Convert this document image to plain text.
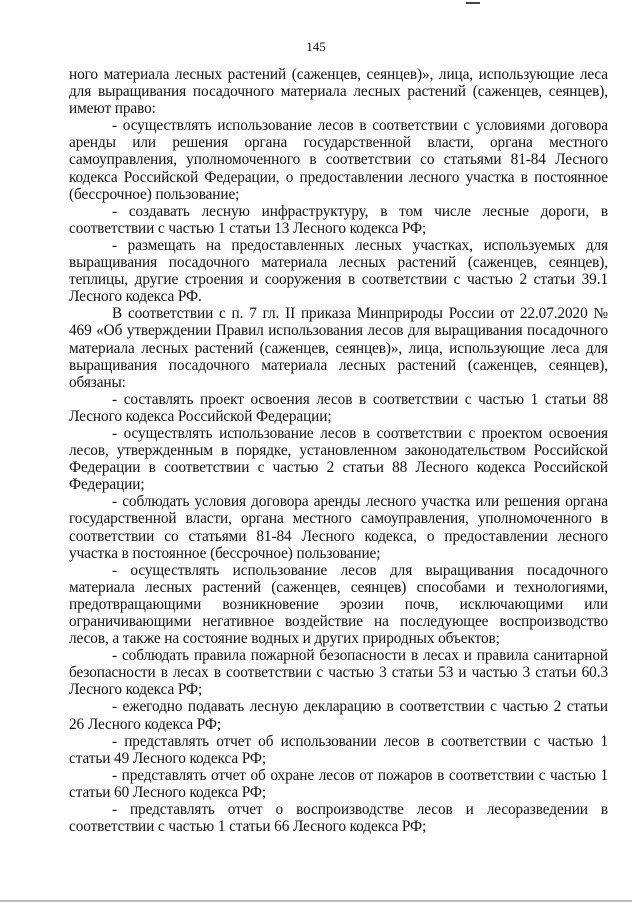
145

ного материала лесных растений (саженцев, сеянцев)», лица, использующие леса для выращивания посадочного материала лесных растений (саженцев, сеянцев), имеют право:

- осуществлять использование лесов в соответствии с условиями договора аренды или решения органа государственной власти, органа местного самоуправления, уполномоченного в соответствии со статьями 81-84 Лесного кодекса Российской Федерации, о предоставлении лесного участка в постоянное (бессрочное) пользование;

- создавать лесную инфраструктуру, в том числе лесные дороги, в соответствии с частью 1 статьи 13 Лесного кодекса РФ;

- размещать на предоставленных лесных участках, используемых для выращивания посадочного материала лесных растений (саженцев, сеянцев), теплицы, другие строения и сооружения в соответствии с частью 2 статьи 39.1 Лесного кодекса РФ.

В соответствии с п. 7 гл. II приказа Минприроды России от 22.07.2020 № 469 «Об утверждении Правил использования лесов для выращивания посадочного материала лесных растений (саженцев, сеянцев)», лица, использующие леса для выращивания посадочного материала лесных растений (саженцев, сеянцев), обязаны:

- составлять проект освоения лесов в соответствии с частью 1 статьи 88 Лесного кодекса Российской Федерации;

- осуществлять использование лесов в соответствии с проектом освоения лесов, утвержденным в порядке, установленном законодательством Российской Федерации в соответствии с частью 2 статьи 88 Лесного кодекса Российской Федерации;

- соблюдать условия договора аренды лесного участка или решения органа государственной власти, органа местного самоуправления, уполномоченного в соответствии со статьями 81-84 Лесного кодекса, о предоставлении лесного участка в постоянное (бессрочное) пользование;

- осуществлять использование лесов для выращивания посадочного материала лесных растений (саженцев, сеянцев) способами и технологиями, предотвращающими возникновение эрозии почв, исключающими или ограничивающими негативное воздействие на последующее воспроизводство лесов, а также на состояние водных и других природных объектов;

- соблюдать правила пожарной безопасности в лесах и правила санитарной безопасности в лесах в соответствии с частью 3 статьи 53 и частью 3 статьи 60.3 Лесного кодекса РФ;

- ежегодно подавать лесную декларацию в соответствии с частью 2 статьи 26 Лесного кодекса РФ;

- представлять отчет об использовании лесов в соответствии с частью 1 статьи 49 Лесного кодекса РФ;

- представлять отчет об охране лесов от пожаров в соответствии с частью 1 статьи 60 Лесного кодекса РФ;

- представлять отчет о воспроизводстве лесов и лесоразведении в соответствии с частью 1 статьи 66 Лесного кодекса РФ;
